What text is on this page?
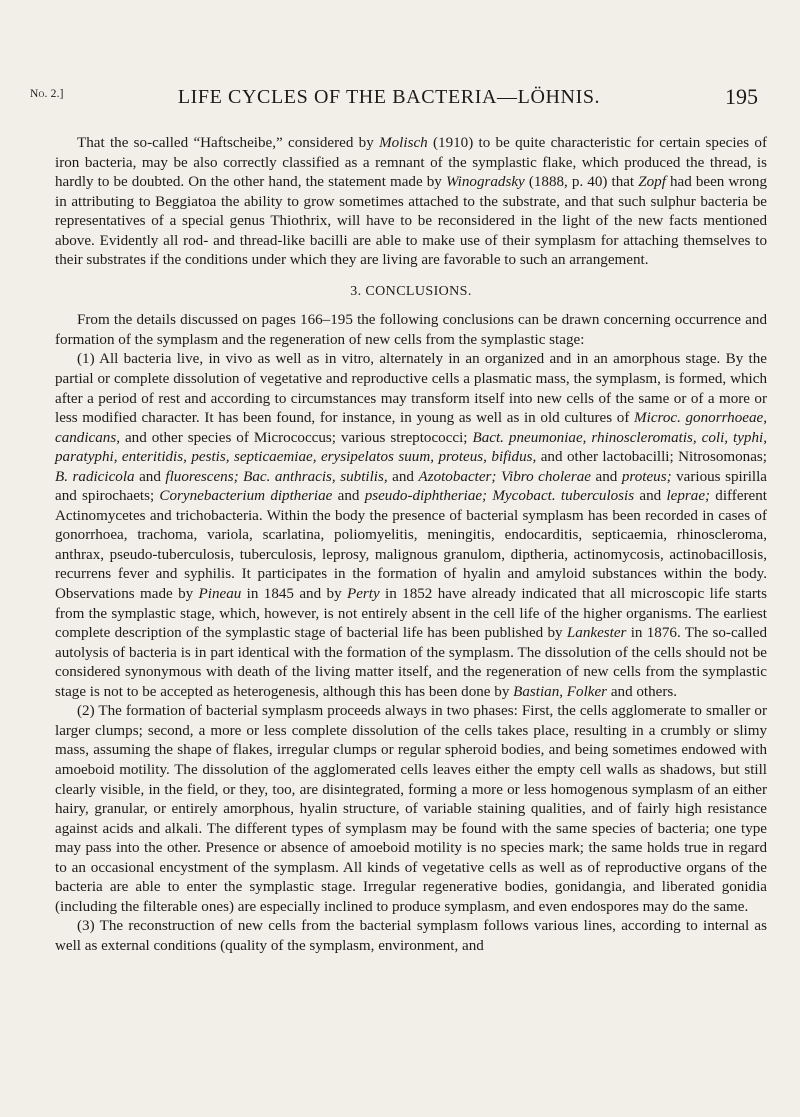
No. 2.]	LIFE CYCLES OF THE BACTERIA—LÖHNIS.	195

That the so-called “Haftscheibe,” considered by Molisch (1910) to be quite characteristic for certain species of iron bacteria, may be also correctly classified as a remnant of the symplastic flake, which produced the thread, is hardly to be doubted. On the other hand, the statement made by Winogradsky (1888, p. 40) that Zopf had been wrong in attributing to Beggiatoa the ability to grow sometimes attached to the substrate, and that such sulphur bacteria be representatives of a special genus Thiothrix, will have to be reconsidered in the light of the new facts mentioned above. Evidently all rod- and thread-like bacilli are able to make use of their symplasm for attaching themselves to their substrates if the conditions under which they are living are favorable to such an arrangement.

3. CONCLUSIONS.

From the details discussed on pages 166–195 the following conclusions can be drawn concerning occurrence and formation of the symplasm and the regeneration of new cells from the symplastic stage:

(1) All bacteria live, in vivo as well as in vitro, alternately in an organized and in an amorphous stage. By the partial or complete dissolution of vegetative and reproductive cells a plasmatic mass, the symplasm, is formed, which after a period of rest and according to circumstances may transform itself into new cells of the same or of a more or less modified character. It has been found, for instance, in young as well as in old cultures of Microc. gonorrhoeae, candicans, and other species of Micrococcus; various streptococci; Bact. pneumoniae, rhinoscleromatis, coli, typhi, paratyphi, enteritidis, pestis, septicaemiae, erysipelatos suum, proteus, bifidus, and other lactobacilli; Nitrosomonas; B. radicicola and fluorescens; Bac. anthracis, subtilis, and Azotobacter; Vibro cholerae and proteus; various spirilla and spirochaets; Corynebacterium diptheriae and pseudo-diphtheriae; Mycobact. tuberculosis and leprae; different Actinomycetes and trichobacteria. Within the body the presence of bacterial symplasm has been recorded in cases of gonorrhoea, trachoma, variola, scarlatina, poliomyelitis, meningitis, endocarditis, septicaemia, rhinoscleroma, anthrax, pseudo-tuberculosis, tuberculosis, leprosy, malignous granulom, diptheria, actinomycosis, actinobacillosis, recurrens fever and syphilis. It participates in the formation of hyalin and amyloid substances within the body. Observations made by Pineau in 1845 and by Perty in 1852 have already indicated that all microscopic life starts from the symplastic stage, which, however, is not entirely absent in the cell life of the higher organisms. The earliest complete description of the symplastic stage of bacterial life has been published by Lankester in 1876. The so-called autolysis of bacteria is in part identical with the formation of the symplasm. The dissolution of the cells should not be considered synonymous with death of the living matter itself, and the regeneration of new cells from the symplastic stage is not to be accepted as heterogenesis, although this has been done by Bastian, Folker and others.

(2) The formation of bacterial symplasm proceeds always in two phases: First, the cells agglomerate to smaller or larger clumps; second, a more or less complete dissolution of the cells takes place, resulting in a crumbly or slimy mass, assuming the shape of flakes, irregular clumps or regular spheroid bodies, and being sometimes endowed with amoeboid motility. The dissolution of the agglomerated cells leaves either the empty cell walls as shadows, but still clearly visible, in the field, or they, too, are disintegrated, forming a more or less homogenous symplasm of an either hairy, granular, or entirely amorphous, hyalin structure, of variable staining qualities, and of fairly high resistance against acids and alkali. The different types of symplasm may be found with the same species of bacteria; one type may pass into the other. Presence or absence of amoeboid motility is no species mark; the same holds true in regard to an occasional encystment of the symplasm. All kinds of vegetative cells as well as of reproductive organs of the bacteria are able to enter the symplastic stage. Irregular regenerative bodies, gonidangia, and liberated gonidia (including the filterable ones) are especially inclined to produce symplasm, and even endospores may do the same.

(3) The reconstruction of new cells from the bacterial symplasm follows various lines, according to internal as well as external conditions (quality of the symplasm, environment, and
